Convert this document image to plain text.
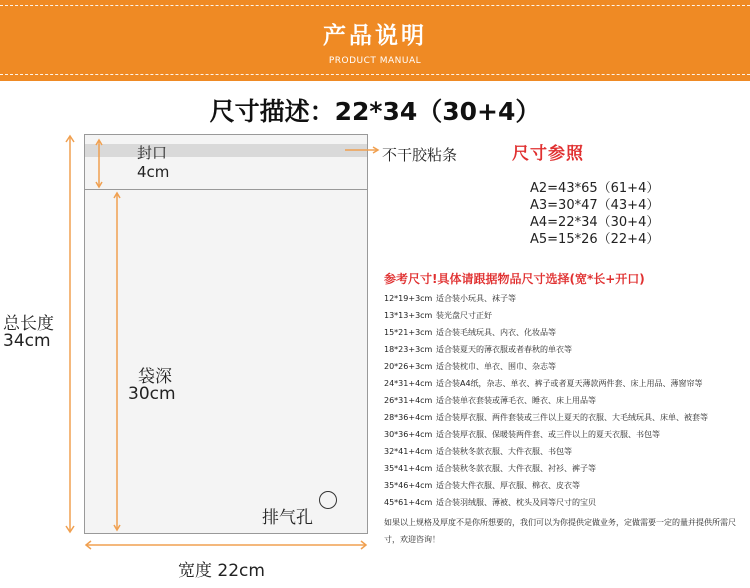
产品说明
PRODUCT MANUAL
尺寸描述：22*34（30+4）
封口
4cm
不干胶粘条
袋深
30cm
排气孔
总长度
34cm
宽度 22cm
尺寸参照
A2=43*65（61+4）
A3=30*47（43+4）
A4=22*34（30+4）
A5=15*26（22+4）
参考尺寸!具体请跟据物品尺寸选择(宽*长+开口)
12*19+3cm 适合装小玩具、袜子等
13*13+3cm 装光盘尺寸正好
15*21+3cm 适合装毛绒玩具、内衣、化妆品等
18*23+3cm 适合装夏天的薄衣服或者春秋的单衣等
20*26+3cm 适合装枕巾、单衣、围巾、杂志等
24*31+4cm 适合装A4纸，杂志、单衣、裤子或者夏天薄款两件套、床上用品、薄窗帘等
26*31+4cm 适合装单衣套装或薄毛衣、睡衣、床上用品等
28*36+4cm 适合装厚衣服、两件套装或三件以上夏天的衣服、大毛绒玩具、床单、被套等
30*36+4cm 适合装厚衣服、保暖装两件套、或三件以上的夏天衣服、书包等
32*41+4cm 适合装秋冬款衣服、大件衣服、书包等
35*41+4cm 适合装秋冬款衣服、大件衣服、衬衫、裤子等
35*46+4cm 适合装大件衣服、厚衣服、棉衣、皮衣等
45*61+4cm 适合装羽绒服、薄被、枕头及同等尺寸的宝贝
如果以上规格及厚度不是你所想要的，我们可以为你提供定做业务，定做需要一定的量并提供所需尺寸，欢迎咨询！
